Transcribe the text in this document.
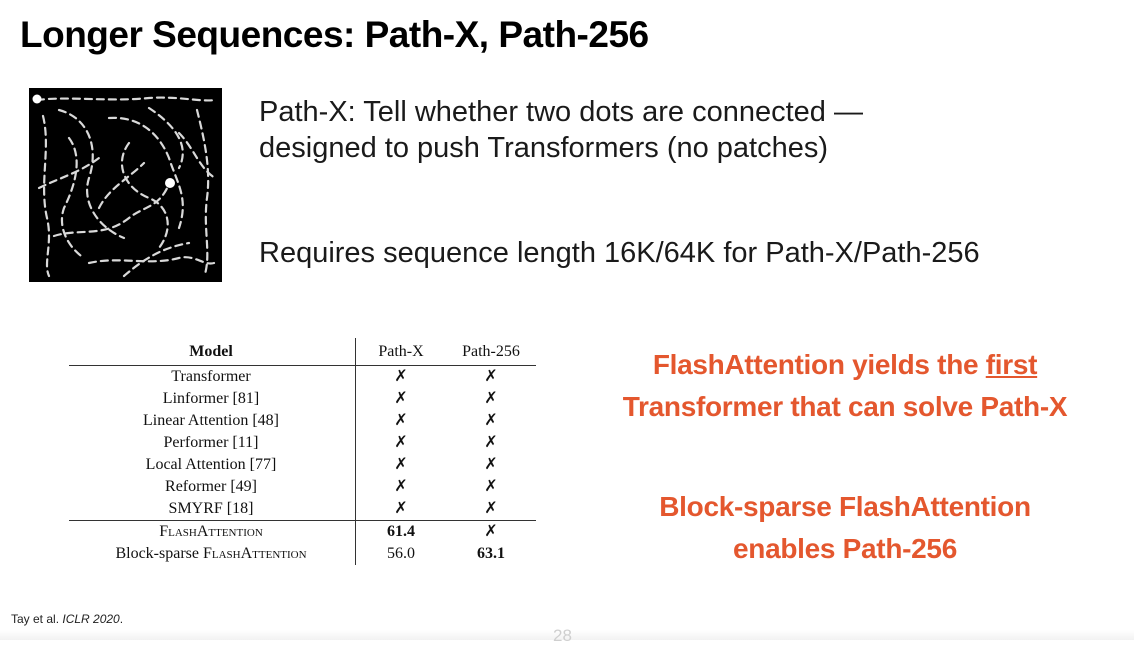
Longer Sequences: Path-X, Path-256
Path-X: Tell whether two dots are connected —
designed to push Transformers (no patches)
Requires sequence length 16K/64K for Path-X/Path-256
Model	Path-X	Path-256
Transformer	✗	✗
Linformer [81]	✗	✗
Linear Attention [48]	✗	✗
Performer [11]	✗	✗
Local Attention [77]	✗	✗
Reformer [49]	✗	✗
SMYRF [18]	✗	✗
FlashAttention	61.4	✗
Block-sparse FlashAttention	56.0	63.1
FlashAttention yields the first
Transformer that can solve Path-X
Block-sparse FlashAttention
enables Path-256
Tay et al. ICLR 2020.
28
